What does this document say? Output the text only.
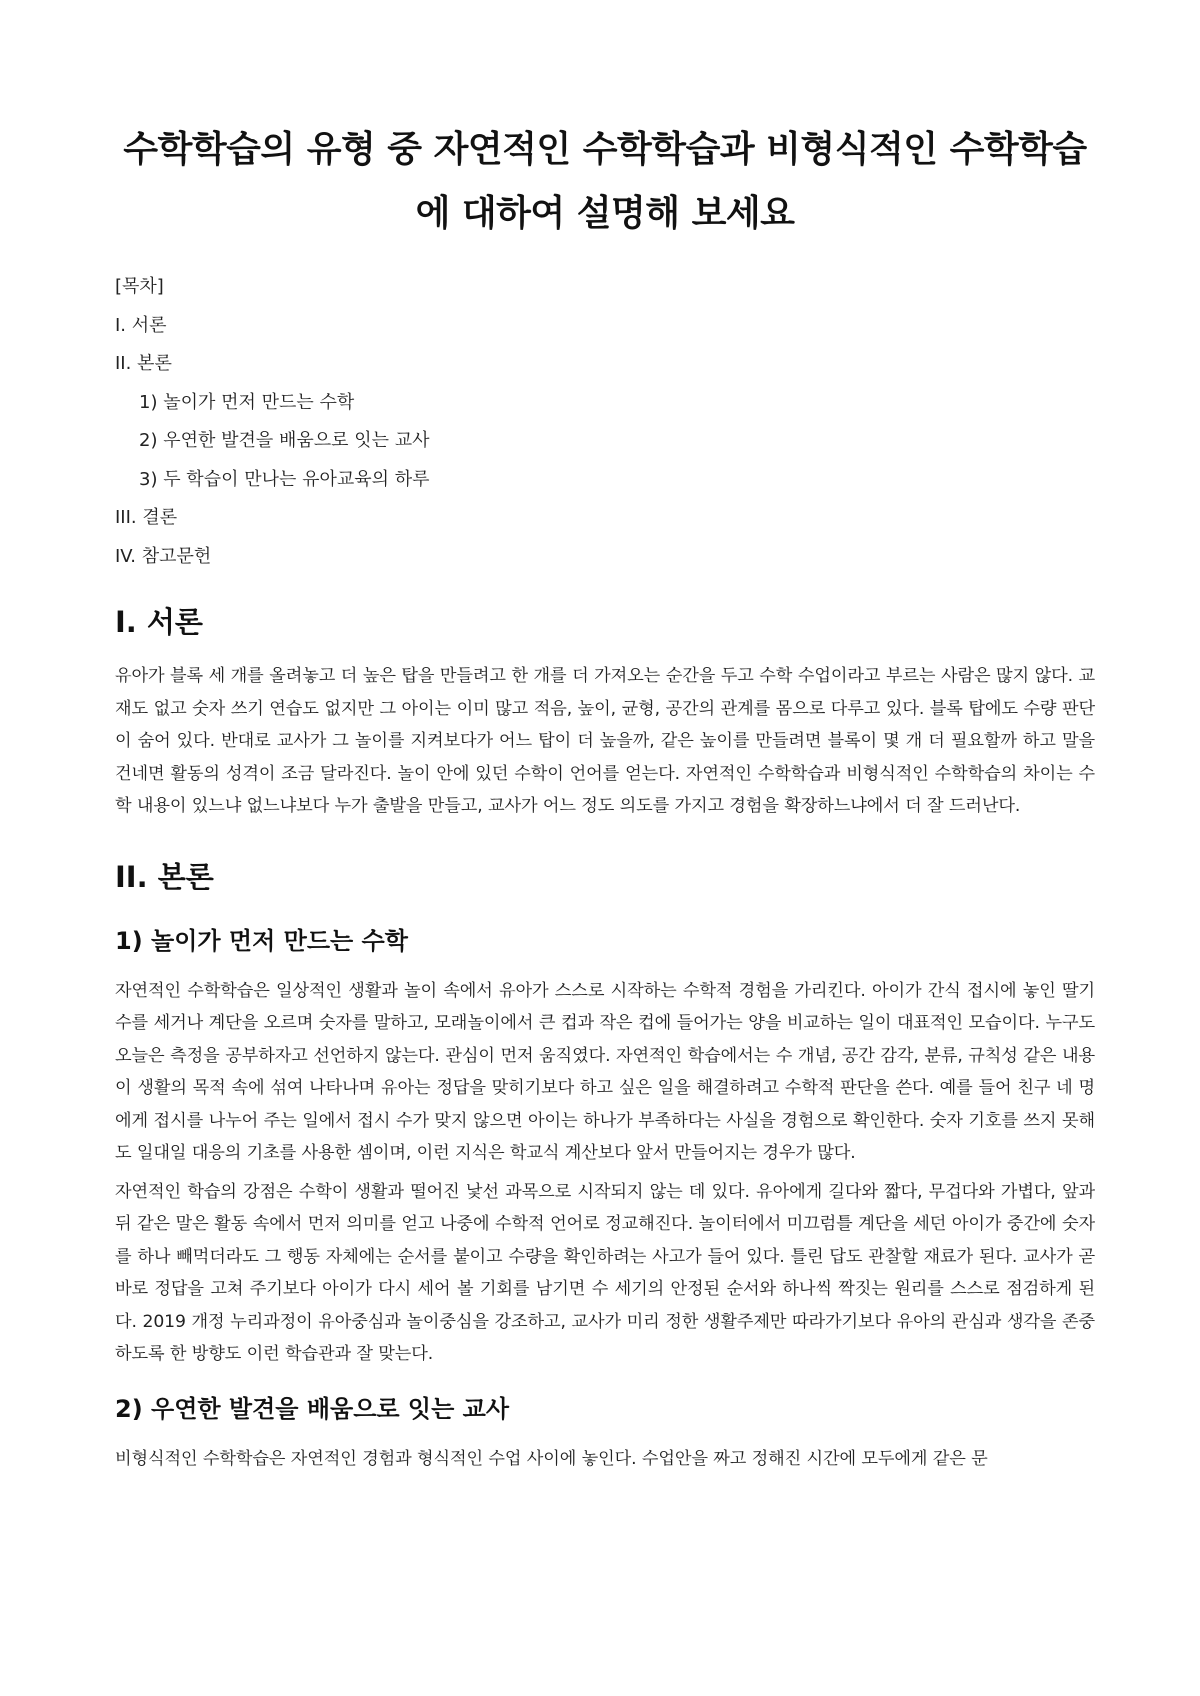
수학학습의 유형 중 자연적인 수학학습과 비형식적인 수학학습에 대하여 설명해 보세요
[목차]
I. 서론
II. 본론
1) 놀이가 먼저 만드는 수학
2) 우연한 발견을 배움으로 잇는 교사
3) 두 학습이 만나는 유아교육의 하루
III. 결론
IV. 참고문헌
I. 서론

유아가 블록 세 개를 올려놓고 더 높은 탑을 만들려고 한 개를 더 가져오는 순간을 두고 수학 수업이라고 부르는 사람은 많지 않다. 교재도 없고 숫자 쓰기 연습도 없지만 그 아이는 이미 많고 적음, 높이, 균형, 공간의 관계를 몸으로 다루고 있다. 블록 탑에도 수량 판단이 숨어 있다. 반대로 교사가 그 놀이를 지켜보다가 어느 탑이 더 높을까, 같은 높이를 만들려면 블록이 몇 개 더 필요할까 하고 말을 건네면 활동의 성격이 조금 달라진다. 놀이 안에 있던 수학이 언어를 얻는다. 자연적인 수학학습과 비형식적인 수학학습의 차이는 수학 내용이 있느냐 없느냐보다 누가 출발을 만들고, 교사가 어느 정도 의도를 가지고 경험을 확장하느냐에서 더 잘 드러난다.

II. 본론
1) 놀이가 먼저 만드는 수학

자연적인 수학학습은 일상적인 생활과 놀이 속에서 유아가 스스로 시작하는 수학적 경험을 가리킨다. 아이가 간식 접시에 놓인 딸기 수를 세거나 계단을 오르며 숫자를 말하고, 모래놀이에서 큰 컵과 작은 컵에 들어가는 양을 비교하는 일이 대표적인 모습이다. 누구도 오늘은 측정을 공부하자고 선언하지 않는다. 관심이 먼저 움직였다. 자연적인 학습에서는 수 개념, 공간 감각, 분류, 규칙성 같은 내용이 생활의 목적 속에 섞여 나타나며 유아는 정답을 맞히기보다 하고 싶은 일을 해결하려고 수학적 판단을 쓴다. 예를 들어 친구 네 명에게 접시를 나누어 주는 일에서 접시 수가 맞지 않으면 아이는 하나가 부족하다는 사실을 경험으로 확인한다. 숫자 기호를 쓰지 못해도 일대일 대응의 기초를 사용한 셈이며, 이런 지식은 학교식 계산보다 앞서 만들어지는 경우가 많다.

자연적인 학습의 강점은 수학이 생활과 떨어진 낯선 과목으로 시작되지 않는 데 있다. 유아에게 길다와 짧다, 무겁다와 가볍다, 앞과 뒤 같은 말은 활동 속에서 먼저 의미를 얻고 나중에 수학적 언어로 정교해진다. 놀이터에서 미끄럼틀 계단을 세던 아이가 중간에 숫자를 하나 빼먹더라도 그 행동 자체에는 순서를 붙이고 수량을 확인하려는 사고가 들어 있다. 틀린 답도 관찰할 재료가 된다. 교사가 곧바로 정답을 고쳐 주기보다 아이가 다시 세어 볼 기회를 남기면 수 세기의 안정된 순서와 하나씩 짝짓는 원리를 스스로 점검하게 된다. 2019 개정 누리과정이 유아중심과 놀이중심을 강조하고, 교사가 미리 정한 생활주제만 따라가기보다 유아의 관심과 생각을 존중하도록 한 방향도 이런 학습관과 잘 맞는다.

2) 우연한 발견을 배움으로 잇는 교사

비형식적인 수학학습은 자연적인 경험과 형식적인 수업 사이에 놓인다. 수업안을 짜고 정해진 시간에 모두에게 같은 문
